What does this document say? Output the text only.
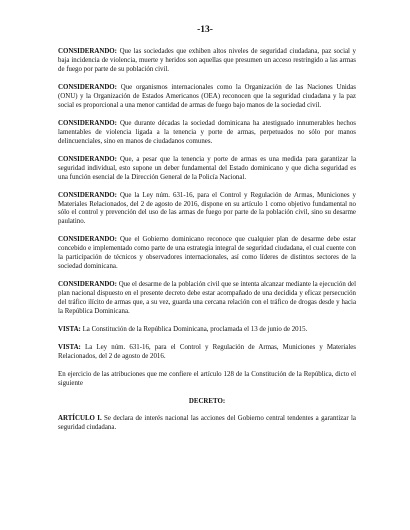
-13-

CONSIDERANDO: Que las sociedades que exhiben altos niveles de seguridad ciudadana, paz social y baja incidencia de violencia, muerte y heridos son aquellas que presumen un acceso restringido a las armas de fuego por parte de su población civil.

CONSIDERANDO: Que organismos internacionales como la Organización de las Naciones Unidas (ONU) y la Organización de Estados Americanos (OEA) reconocen que la seguridad ciudadana y la paz social es proporcional a una menor cantidad de armas de fuego bajo manos de la sociedad civil.

CONSIDERANDO: Que durante décadas la sociedad dominicana ha atestiguado innumerables hechos lamentables de violencia ligada a la tenencia y porte de armas, perpetuados no sólo por manos delincuenciales, sino en manos de ciudadanos comunes.

CONSIDERANDO: Que, a pesar que la tenencia y porte de armas es una medida para garantizar la seguridad individual, esto supone un deber fundamental del Estado dominicano y que dicha seguridad es una función esencial de la Dirección General de la Policía Nacional.

CONSIDERANDO: Que la Ley núm. 631-16, para el Control y Regulación de Armas, Municiones y Materiales Relacionados, del 2 de agosto de 2016, dispone en su artículo 1 como objetivo fundamental no sólo el control y prevención del uso de las armas de fuego por parte de la población civil, sino su desarme paulatino.

CONSIDERANDO: Que el Gobierno dominicano reconoce que cualquier plan de desarme debe estar concebido e implementado como parte de una estrategia integral de seguridad ciudadana, el cual cuente con la participación de técnicos y observadores internacionales, así como líderes de distintos sectores de la sociedad dominicana.

CONSIDERANDO: Que el desarme de la población civil que se intenta alcanzar mediante la ejecución del plan nacional dispuesto en el presente decreto debe estar acompañado de una decidida y eficaz persecución del tráfico ilícito de armas que, a su vez, guarda una cercana relación con el tráfico de drogas desde y hacia la República Dominicana.

VISTA: La Constitución de la República Dominicana, proclamada el 13 de junio de 2015.

VISTA: La Ley núm. 631-16, para el Control y Regulación de Armas, Municiones y Materiales Relacionados, del 2 de agosto de 2016.

En ejercicio de las atribuciones que me confiere el artículo 128 de la Constitución de la República, dicto el siguiente

DECRETO:

ARTÍCULO I. Se declara de interés nacional las acciones del Gobierno central tendentes a garantizar la seguridad ciudadana.
